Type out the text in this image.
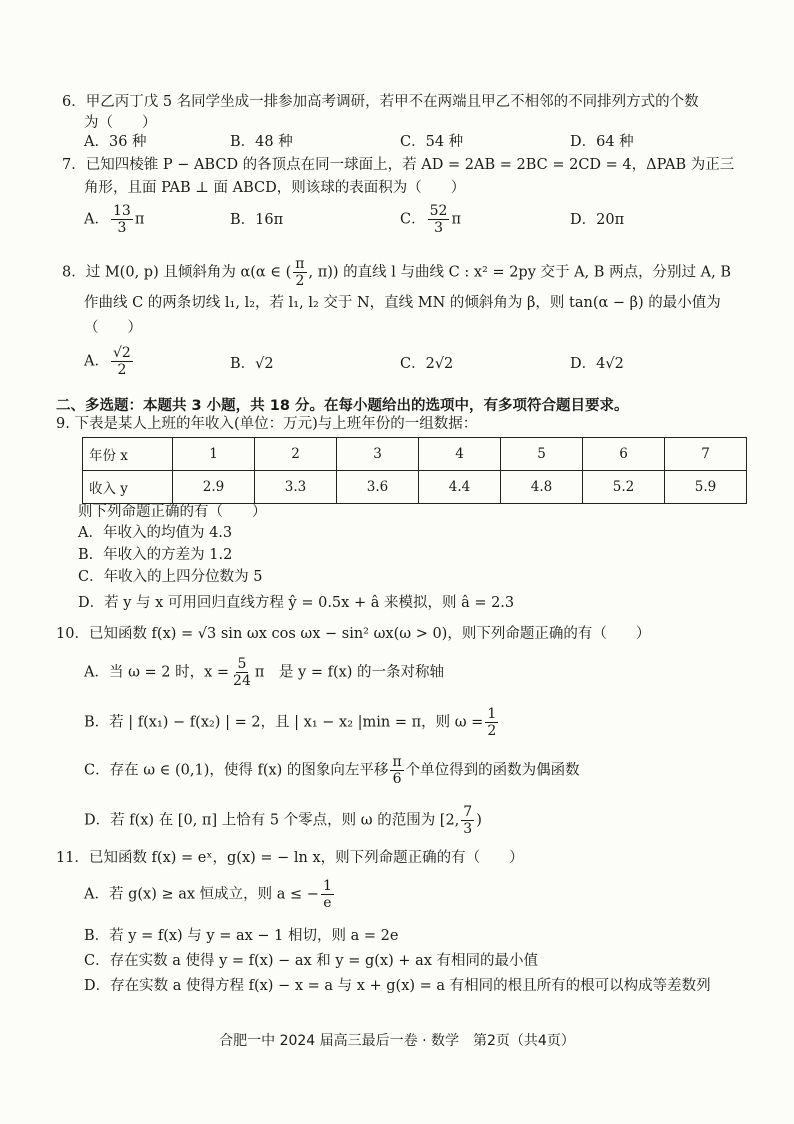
6．甲乙丙丁戊 5 名同学坐成一排参加高考调研，若甲不在两端且甲乙不相邻的不同排列方式的个数
为（　　）
A．36 种	B．48 种	C．54 种	D．64 种
7．已知四棱锥 P − ABCD 的各顶点在同一球面上，若 AD = 2AB = 2BC = 2CD = 4，ΔPAB 为正三
角形，且面 PAB ⊥ 面 ABCD，则该球的表面积为（　　）
A． $\frac{13}{3}$ π	B．16π	C． $\frac{52}{3}$ π	D．20π
8．过 M(0, p) 且倾斜角为 α(α ∈ ( $\frac{\pi}{2}$ , π)) 的直线 l 与曲线 C : x² = 2py 交于 A, B 两点，分别过 A, B
作曲线 C 的两条切线 l₁, l₂，若 l₁, l₂ 交于 N，直线 MN 的倾斜角为 β，则 tan(α − β) 的最小值为
（　　）
A． $\frac{√2}{2}$	B．√2	C．2√2	D．4√2
二、多选题：本题共 3 小题，共 18 分。在每小题给出的选项中，有多项符合题目要求。
9. 下表是某人上班的年收入(单位：万元)与上班年份的一组数据：
年份 x	1	2	3	4	5	6	7
收入 y	2.9	3.3	3.6	4.4	4.8	5.2	5.9
则下列命题正确的有（　　）
A．年收入的均值为 4.3
B．年收入的方差为 1.2
C．年收入的上四分位数为 5
D．若 y 与 x 可用回归直线方程 ŷ = 0.5x + â 来模拟，则 â = 2.3
10．已知函数 f(x) = √3 sin ωx cos ωx − sin² ωx(ω > 0)，则下列命题正确的有（　　）
A．当 ω = 2 时，$x = \frac{5}{24}$ π　是 y = f(x) 的一条对称轴
B．若 | f(x₁) − f(x₂) | = 2，且 | x₁ − x₂ |min = π，则 $\omega = \frac{1}{2}$
C．存在 ω ∈ (0,1)，使得 f(x) 的图象向左平移 $\frac{\pi}{6}$ 个单位得到的函数为偶函数
D．若 f(x) 在 [0, π] 上恰有 5 个零点，则 ω 的范围为 [2, $\frac{7}{3}$ )
11．已知函数 f(x) = eˣ，g(x) = − ln x，则下列命题正确的有（　　）
A．若 g(x) ≥ ax 恒成立，则 a ≤ − $\frac{1}{e}$
B．若 y = f(x) 与 y = ax − 1 相切，则 a = 2e
C．存在实数 a 使得 y = f(x) − ax 和 y = g(x) + ax 有相同的最小值
D．存在实数 a 使得方程 f(x) − x = a 与 x + g(x) = a 有相同的根且所有的根可以构成等差数列
合肥一中 2024 届高三最后一卷 · 数学　第2页（共4页）
